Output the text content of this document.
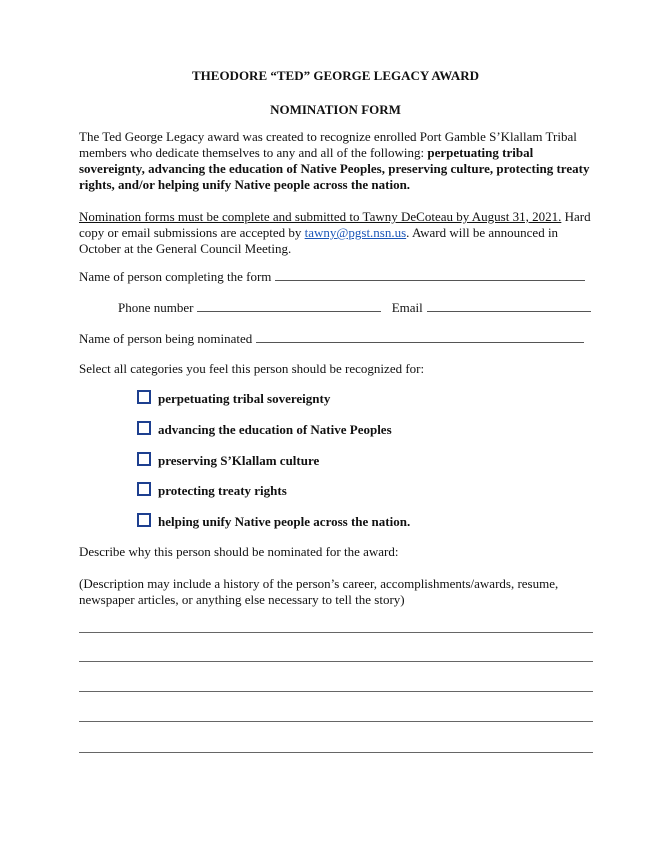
THEODORE “TED” GEORGE LEGACY AWARD
NOMINATION FORM
The Ted George Legacy award was created to recognize enrolled Port Gamble S’Klallam Tribal members who dedicate themselves to any and all of the following: perpetuating tribal sovereignty, advancing the education of Native Peoples, preserving culture, protecting treaty rights, and/or helping unify Native people across the nation.
Nomination forms must be complete and submitted to Tawny DeCoteau by August 31, 2021. Hard copy or email submissions are accepted by tawny@pgst.nsn.us. Award will be announced in October at the General Council Meeting.
Name of person completing the form
Phone number	Email
Name of person being nominated
Select all categories you feel this person should be recognized for:
perpetuating tribal sovereignty
advancing the education of Native Peoples
preserving S’Klallam culture
protecting treaty rights
helping unify Native people across the nation.
Describe why this person should be nominated for the award:
(Description may include a history of the person’s career, accomplishments/awards, resume, newspaper articles, or anything else necessary to tell the story)
